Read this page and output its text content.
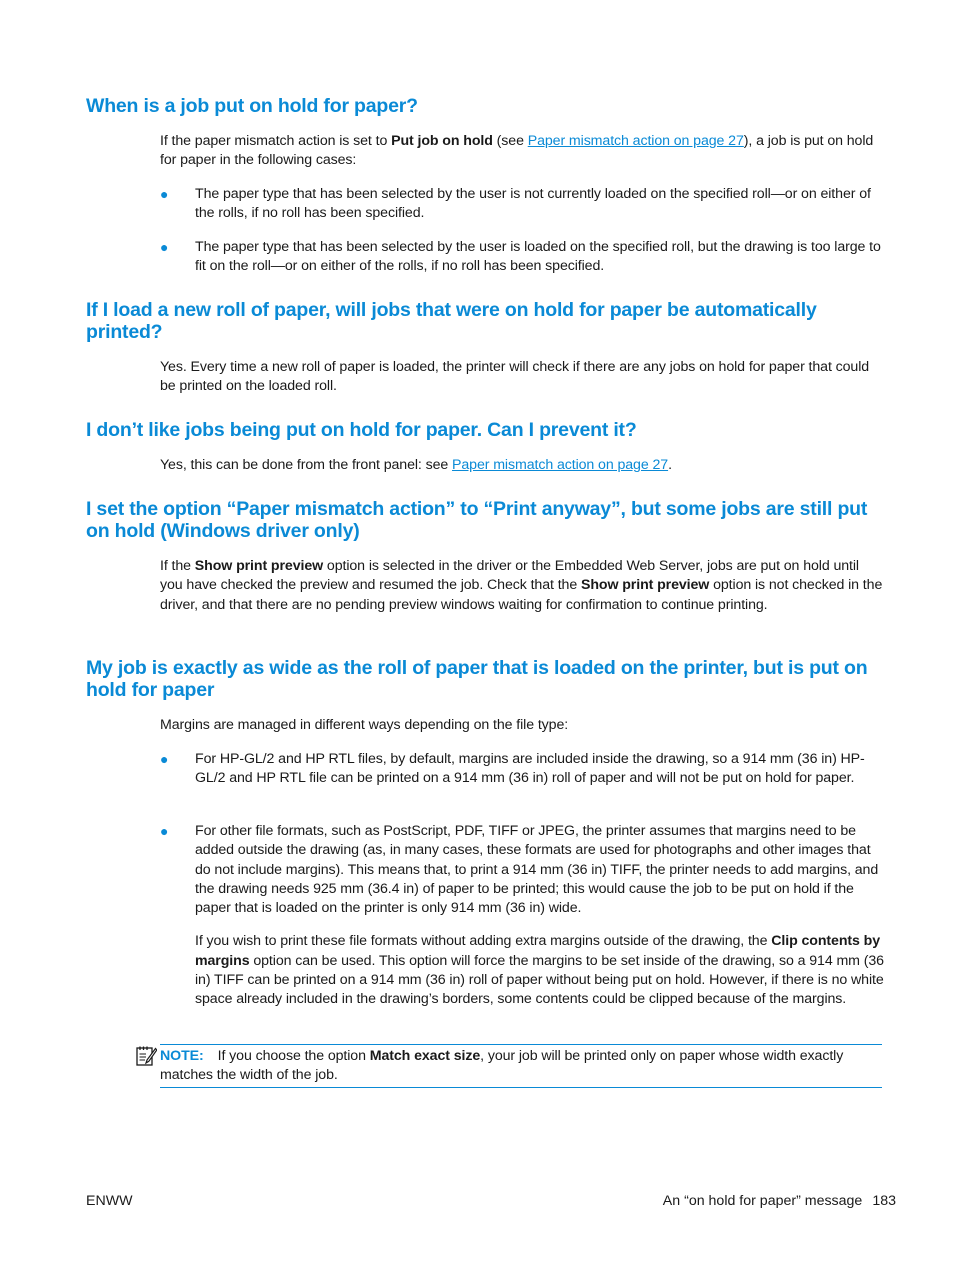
When is a job put on hold for paper?

If the paper mismatch action is set to Put job on hold (see Paper mismatch action on page 27), a job is put on hold for paper in the following cases:

● The paper type that has been selected by the user is not currently loaded on the specified roll—or on either of the rolls, if no roll has been specified.
● The paper type that has been selected by the user is loaded on the specified roll, but the drawing is too large to fit on the roll—or on either of the rolls, if no roll has been specified.
If I load a new roll of paper, will jobs that were on hold for paper be automatically printed?

Yes. Every time a new roll of paper is loaded, the printer will check if there are any jobs on hold for paper that could be printed on the loaded roll.

I don’t like jobs being put on hold for paper. Can I prevent it?

Yes, this can be done from the front panel: see Paper mismatch action on page 27.

I set the option “Paper mismatch action” to “Print anyway”, but some jobs are still put on hold (Windows driver only)

If the Show print preview option is selected in the driver or the Embedded Web Server, jobs are put on hold until you have checked the preview and resumed the job. Check that the Show print preview option is not checked in the driver, and that there are no pending preview windows waiting for confirmation to continue printing.

My job is exactly as wide as the roll of paper that is loaded on the printer, but is put on hold for paper

Margins are managed in different ways depending on the file type:

● For HP-GL/2 and HP RTL files, by default, margins are included inside the drawing, so a 914 mm (36 in) HP-GL/2 and HP RTL file can be printed on a 914 mm (36 in) roll of paper and will not be put on hold for paper.
● For other file formats, such as PostScript, PDF, TIFF or JPEG, the printer assumes that margins need to be added outside the drawing (as, in many cases, these formats are used for photographs and other images that do not include margins). This means that, to print a 914 mm (36 in) TIFF, the printer needs to add margins, and the drawing needs 925 mm (36.4 in) of paper to be printed; this would cause the job to be put on hold if the paper that is loaded on the printer is only 914 mm (36 in) wide.

If you wish to print these file formats without adding extra margins outside of the drawing, the Clip contents by margins option can be used. This option will force the margins to be set inside of the drawing, so a 914 mm (36 in) TIFF can be printed on a 914 mm (36 in) roll of paper without being put on hold. However, if there is no white space already included in the drawing’s borders, some contents could be clipped because of the margins.

NOTE: If you choose the option Match exact size, your job will be printed only on paper whose width exactly matches the width of the job.
ENWW	An “on hold for paper” message 183
